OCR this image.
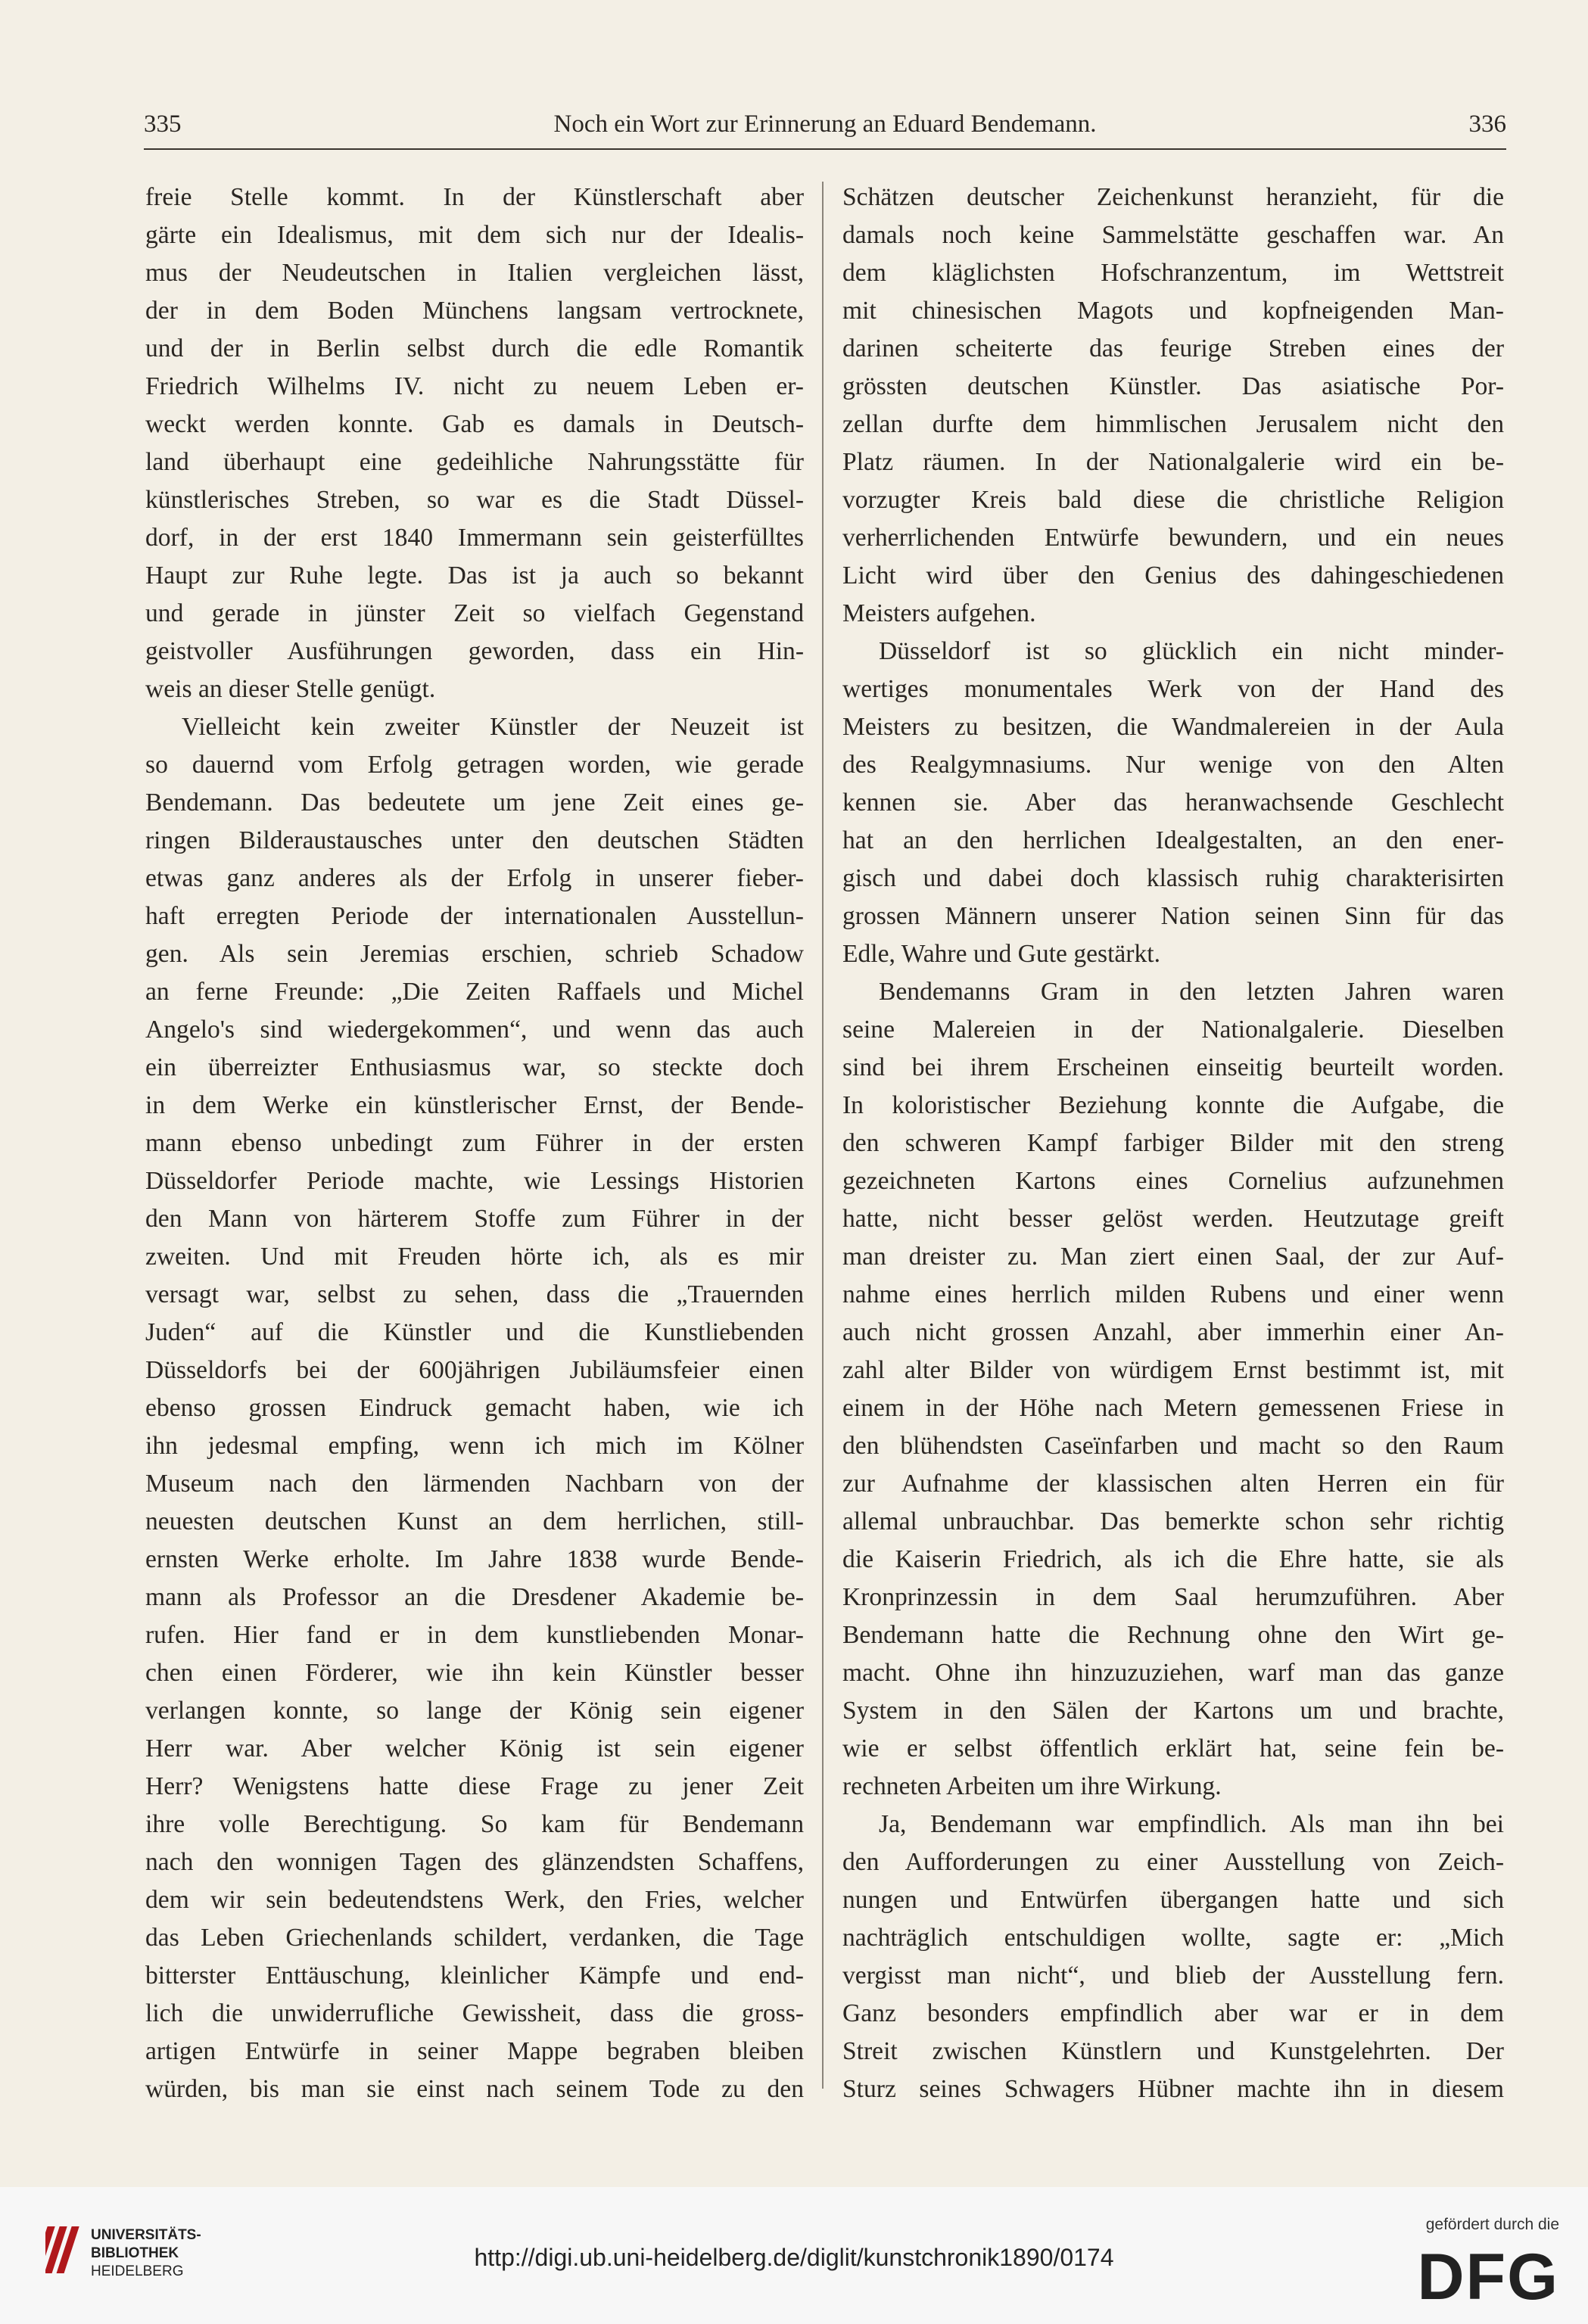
335	Noch ein Wort zur Erinnerung an Eduard Bendemann.	336
freie Stelle kommt. In der Künstlerschaft aber
gärte ein Idealismus, mit dem sich nur der Idealis-
mus der Neudeutschen in Italien vergleichen lässt,
der in dem Boden Münchens langsam vertrocknete,
und der in Berlin selbst durch die edle Romantik
Friedrich Wilhelms IV. nicht zu neuem Leben er-
weckt werden konnte. Gab es damals in Deutsch-
land überhaupt eine gedeihliche Nahrungsstätte für
künstlerisches Streben, so war es die Stadt Düssel-
dorf, in der erst 1840 Immermann sein geisterfülltes
Haupt zur Ruhe legte. Das ist ja auch so bekannt
und gerade in jünster Zeit so vielfach Gegenstand
geistvoller Ausführungen geworden, dass ein Hin-
weis an dieser Stelle genügt.
Vielleicht kein zweiter Künstler der Neuzeit ist
so dauernd vom Erfolg getragen worden, wie gerade
Bendemann. Das bedeutete um jene Zeit eines ge-
ringen Bilderaustausches unter den deutschen Städten
etwas ganz anderes als der Erfolg in unserer fieber-
haft erregten Periode der internationalen Ausstellun-
gen. Als sein Jeremias erschien, schrieb Schadow
an ferne Freunde: „Die Zeiten Raffaels und Michel
Angelo's sind wiedergekommen“, und wenn das auch
ein überreizter Enthusiasmus war, so steckte doch
in dem Werke ein künstlerischer Ernst, der Bende-
mann ebenso unbedingt zum Führer in der ersten
Düsseldorfer Periode machte, wie Lessings Historien
den Mann von härterem Stoffe zum Führer in der
zweiten. Und mit Freuden hörte ich, als es mir
versagt war, selbst zu sehen, dass die „Trauernden
Juden“ auf die Künstler und die Kunstliebenden
Düsseldorfs bei der 600jährigen Jubiläumsfeier einen
ebenso grossen Eindruck gemacht haben, wie ich
ihn jedesmal empfing, wenn ich mich im Kölner
Museum nach den lärmenden Nachbarn von der
neuesten deutschen Kunst an dem herrlichen, still-
ernsten Werke erholte. Im Jahre 1838 wurde Bende-
mann als Professor an die Dresdener Akademie be-
rufen. Hier fand er in dem kunstliebenden Monar-
chen einen Förderer, wie ihn kein Künstler besser
verlangen konnte, so lange der König sein eigener
Herr war. Aber welcher König ist sein eigener
Herr? Wenigstens hatte diese Frage zu jener Zeit
ihre volle Berechtigung. So kam für Bendemann
nach den wonnigen Tagen des glänzendsten Schaffens,
dem wir sein bedeutendstens Werk, den Fries, welcher
das Leben Griechenlands schildert, verdanken, die Tage
bitterster Enttäuschung, kleinlicher Kämpfe und end-
lich die unwiderrufliche Gewissheit, dass die gross-
artigen Entwürfe in seiner Mappe begraben bleiben
würden, bis man sie einst nach seinem Tode zu den
Schätzen deutscher Zeichenkunst heranzieht, für die
damals noch keine Sammelstätte geschaffen war. An
dem kläglichsten Hofschranzentum, im Wettstreit
mit chinesischen Magots und kopfneigenden Man-
darinen scheiterte das feurige Streben eines der
grössten deutschen Künstler. Das asiatische Por-
zellan durfte dem himmlischen Jerusalem nicht den
Platz räumen. In der Nationalgalerie wird ein be-
vorzugter Kreis bald diese die christliche Religion
verherrlichenden Entwürfe bewundern, und ein neues
Licht wird über den Genius des dahingeschiedenen
Meisters aufgehen.
Düsseldorf ist so glücklich ein nicht minder-
wertiges monumentales Werk von der Hand des
Meisters zu besitzen, die Wandmalereien in der Aula
des Realgymnasiums. Nur wenige von den Alten
kennen sie. Aber das heranwachsende Geschlecht
hat an den herrlichen Idealgestalten, an den ener-
gisch und dabei doch klassisch ruhig charakterisirten
grossen Männern unserer Nation seinen Sinn für das
Edle, Wahre und Gute gestärkt.
Bendemanns Gram in den letzten Jahren waren
seine Malereien in der Nationalgalerie. Dieselben
sind bei ihrem Erscheinen einseitig beurteilt worden.
In koloristischer Beziehung konnte die Aufgabe, die
den schweren Kampf farbiger Bilder mit den streng
gezeichneten Kartons eines Cornelius aufzunehmen
hatte, nicht besser gelöst werden. Heutzutage greift
man dreister zu. Man ziert einen Saal, der zur Auf-
nahme eines herrlich milden Rubens und einer wenn
auch nicht grossen Anzahl, aber immerhin einer An-
zahl alter Bilder von würdigem Ernst bestimmt ist, mit
einem in der Höhe nach Metern gemessenen Friese in
den blühendsten Caseïnfarben und macht so den Raum
zur Aufnahme der klassischen alten Herren ein für
allemal unbrauchbar. Das bemerkte schon sehr richtig
die Kaiserin Friedrich, als ich die Ehre hatte, sie als
Kronprinzessin in dem Saal herumzuführen. Aber
Bendemann hatte die Rechnung ohne den Wirt ge-
macht. Ohne ihn hinzuzuziehen, warf man das ganze
System in den Sälen der Kartons um und brachte,
wie er selbst öffentlich erklärt hat, seine fein be-
rechneten Arbeiten um ihre Wirkung.
Ja, Bendemann war empfindlich. Als man ihn bei
den Aufforderungen zu einer Ausstellung von Zeich-
nungen und Entwürfen übergangen hatte und sich
nachträglich entschuldigen wollte, sagte er: „Mich
vergisst man nicht“, und blieb der Ausstellung fern.
Ganz besonders empfindlich aber war er in dem
Streit zwischen Künstlern und Kunstgelehrten. Der
Sturz seines Schwagers Hübner machte ihn in diesem
UNIVERSITÄTS-
BIBLIOTHEK
HEIDELBERG
http://digi.ub.uni-heidelberg.de/diglit/kunstchronik1890/0174
gefördert durch die
DFG
